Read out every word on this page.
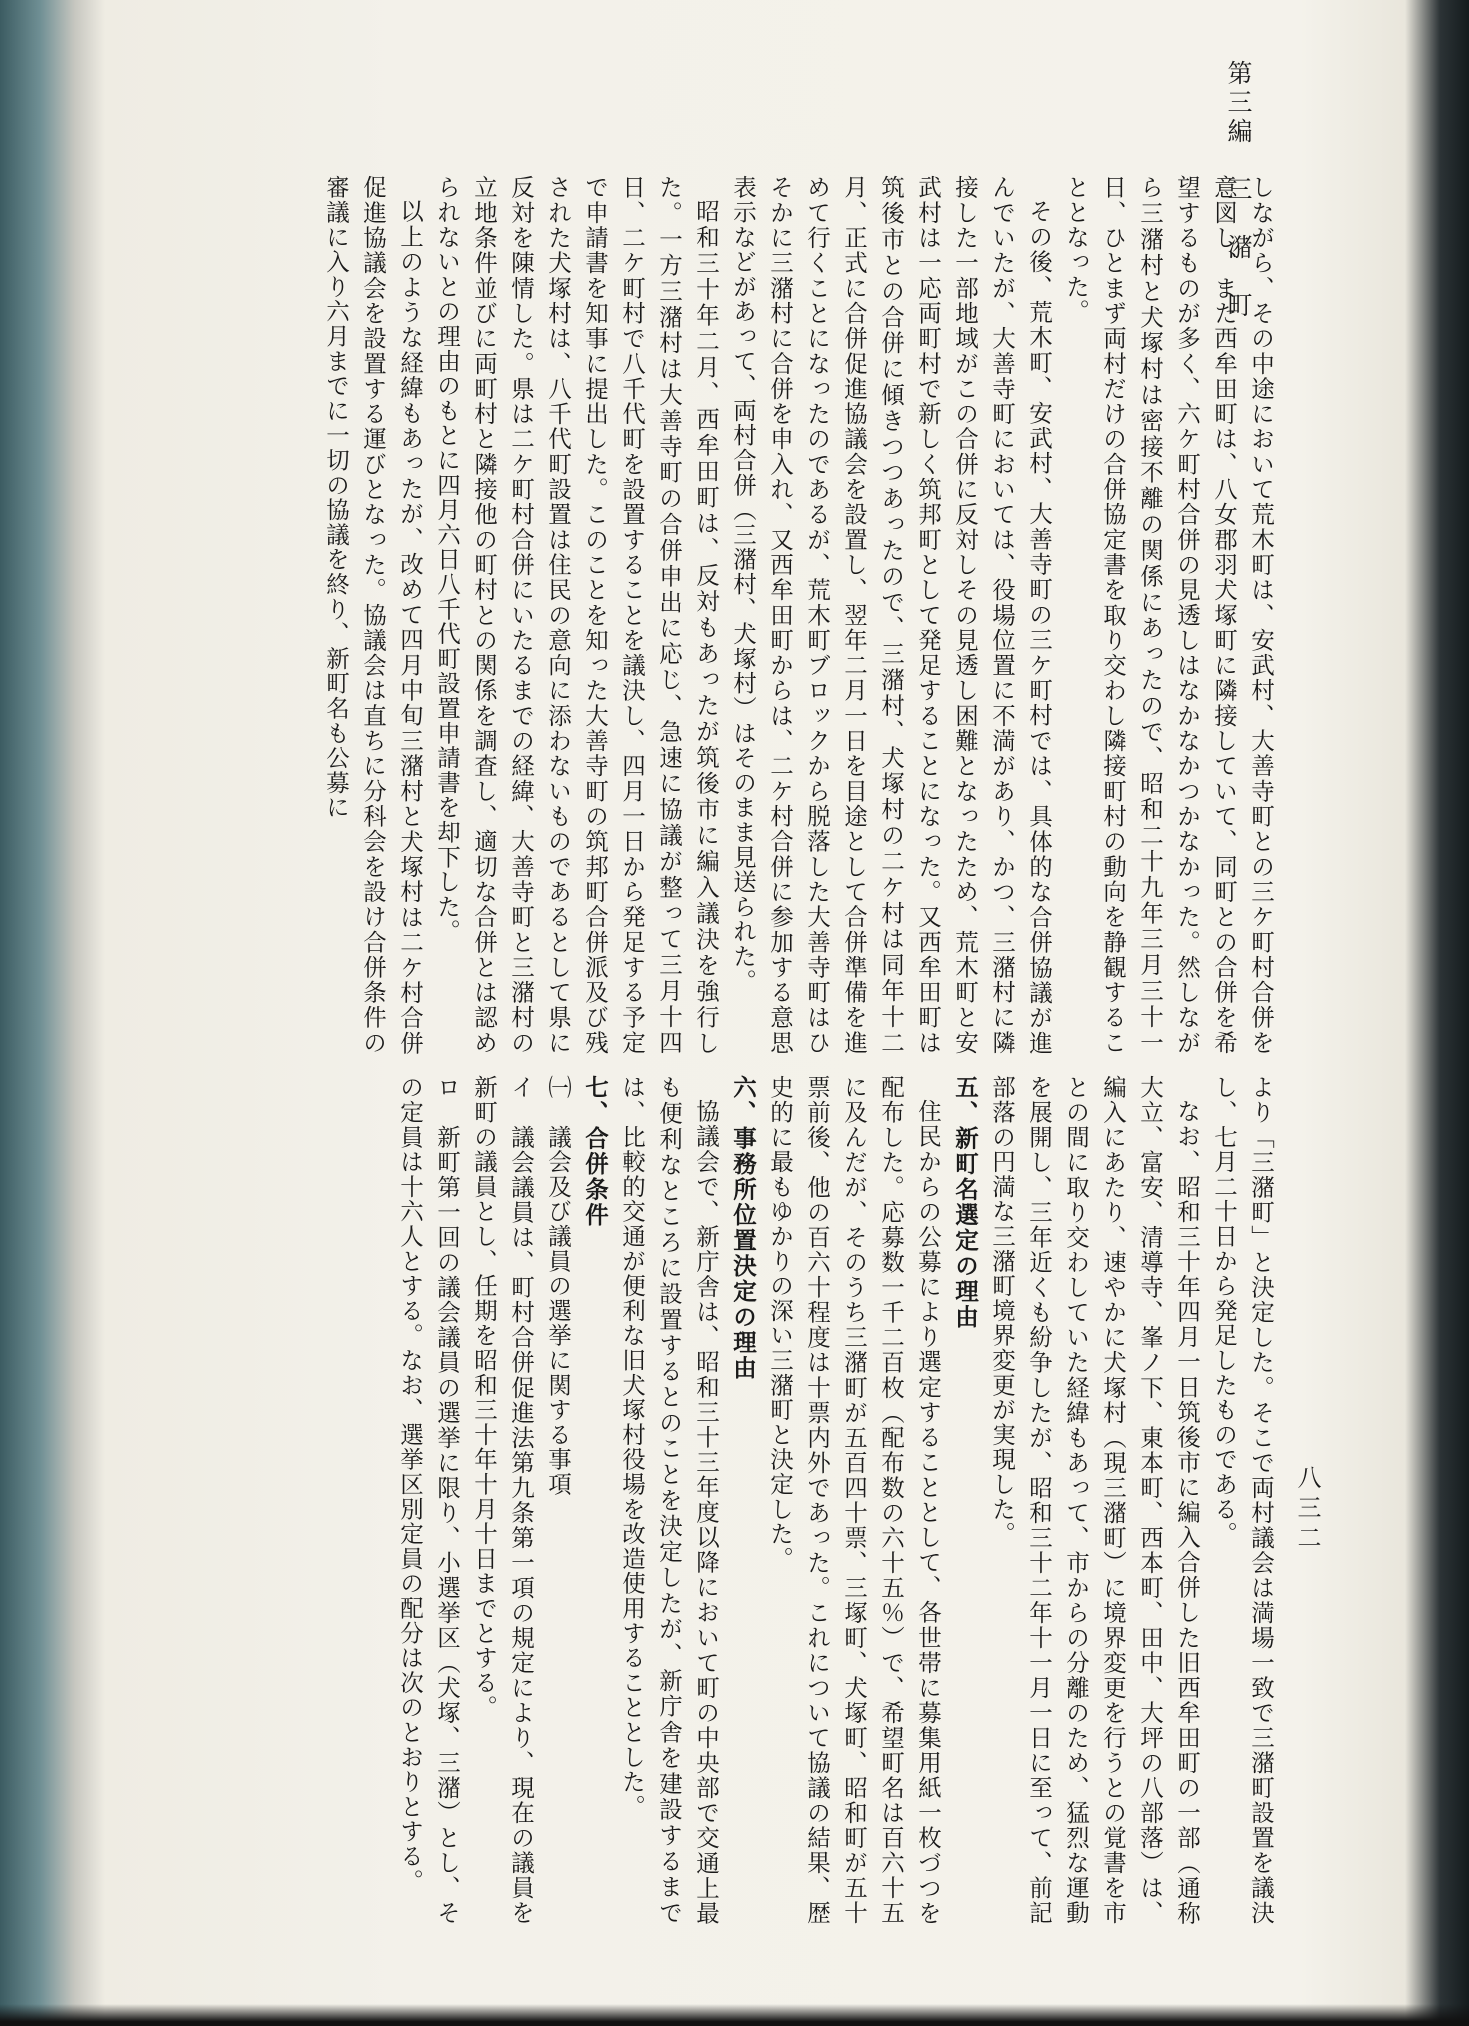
第三編　三　潴　町
八三二

しながら、その中途において荒木町は、安武村、大善寺町との三ケ町村合併を意図し、また西牟田町は、八女郡羽犬塚町に隣接していて、同町との合併を希望するものが多く、六ケ町村合併の見透しはなかなかつかなかった。然しながら三潴村と犬塚村は密接不離の関係にあったので、昭和二十九年三月三十一日、ひとまず両村だけの合併協定書を取り交わし隣接町村の動向を静観することとなった。

その後、荒木町、安武村、大善寺町の三ケ町村では、具体的な合併協議が進んでいたが、大善寺町においては、役場位置に不満があり、かつ、三潴村に隣接した一部地域がこの合併に反対しその見透し困難となったため、荒木町と安武村は一応両町村で新しく筑邦町として発足することになった。又西牟田町は筑後市との合併に傾きつつあったので、三潴村、犬塚村の二ケ村は同年十二月、正式に合併促進協議会を設置し、翌年二月一日を目途として合併準備を進めて行くことになったのであるが、荒木町ブロックから脱落した大善寺町はひそかに三潴村に合併を申入れ、又西牟田町からは、二ケ村合併に参加する意思表示などがあって、両村合併（三潴村、犬塚村）はそのまま見送られた。

昭和三十年二月、西牟田町は、反対もあったが筑後市に編入議決を強行した。一方三潴村は大善寺町の合併申出に応じ、急速に協議が整って三月十四日、二ケ町村で八千代町を設置することを議決し、四月一日から発足する予定で申請書を知事に提出した。このことを知った大善寺町の筑邦町合併派及び残された犬塚村は、八千代町設置は住民の意向に添わないものであるとして県に反対を陳情した。県は二ケ町村合併にいたるまでの経緯、大善寺町と三潴村の立地条件並びに両町村と隣接他の町村との関係を調査し、適切な合併とは認められないとの理由のもとに四月六日八千代町設置申請書を却下した。

以上のような経緯もあったが、改めて四月中旬三潴村と犬塚村は二ケ村合併促進協議会を設置する運びとなった。協議会は直ちに分科会を設け合併条件の審議に入り六月までに一切の協議を終り、新町名も公募に

より「三潴町」と決定した。そこで両村議会は満場一致で三潴町設置を議決し、七月二十日から発足したものである。

なお、昭和三十年四月一日筑後市に編入合併した旧西牟田町の一部（通称大立、富安、清導寺、峯ノ下、東本町、西本町、田中、大坪の八部落）は、編入にあたり、速やかに犬塚村（現三潴町）に境界変更を行うとの覚書を市との間に取り交わしていた経緯もあって、市からの分離のため、猛烈な運動を展開し、三年近くも紛争したが、昭和三十二年十一月一日に至って、前記部落の円満な三潴町境界変更が実現した。

五、新町名選定の理由

住民からの公募により選定することとして、各世帯に募集用紙一枚づつを配布した。応募数一千二百枚（配布数の六十五％）で、希望町名は百六十五に及んだが、そのうち三潴町が五百四十票、三塚町、犬塚町、昭和町が五十票前後、他の百六十程度は十票内外であった。これについて協議の結果、歴史的に最もゆかりの深い三潴町と決定した。

六、事務所位置決定の理由

協議会で、新庁舎は、昭和三十三年度以降において町の中央部で交通上最も便利なところに設置するとのことを決定したが、新庁舎を建設するまでは、比較的交通が便利な旧犬塚村役場を改造使用することとした。

七、合併条件

㈠　議会及び議員の選挙に関する事項

イ　議会議員は、町村合併促進法第九条第一項の規定により、現在の議員を新町の議員とし、任期を昭和三十年十月十日までとする。

ロ　新町第一回の議会議員の選挙に限り、小選挙区（犬塚、三潴）とし、その定員は十六人とする。なお、選挙区別定員の配分は次のとおりとする。
